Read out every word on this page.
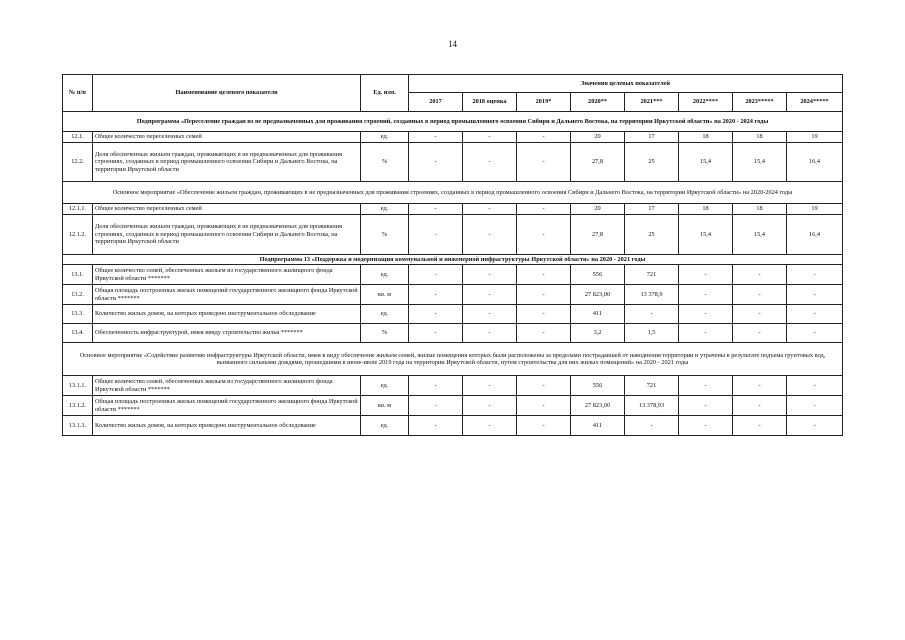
14
№ п/п	Наименование целевого показателя	Ед. изм.	Значения целевых показателей							
			2017	2018 оценка	2019*	2020**	2021***	2022****	2023*****	2024*****
Подпрограмма «Переселение граждан из не предназначенных для проживания строений, созданных в период промышленного освоения Сибири и Дальнего Востока, на территории Иркутской области» на 2020 - 2024 годы										
12.1.	Общее количество переселенных семей	ед.	-	-	-	20	17	18	18	19
12.2.	Доля обеспеченных жильем граждан, проживающих в не предназначенных для проживания строениях, созданных в период промышленного освоения Сибири и Дальнего Востока, на территории Иркутской области	%	-	-	-	27,8	25	15,4	15,4	16,4
Основное мероприятие «Обеспечение жильем граждан, проживающих в не предназначенных для проживания строениях, созданных в период промышленного освоения Сибири и Дальнего Востока, на территории Иркутской области» на 2020-2024 годы										
12.1.1.	Общее количество переселенных семей	ед.	-	-	-	20	17	18	18	19
12.1.2.	Доля обеспеченных жильем граждан, проживающих в не предназначенных для проживания строениях, созданных в период промышленного освоения Сибири и Дальнего Востока, на территории Иркутской области	%	-	-	-	27,8	25	15,4	15,4	16,4
Подпрограмма 13 «Поддержка и модернизация коммунальной и инженерной инфраструктуры Иркутской области» на 2020 - 2021 годы										
13.1.	Общее количество семей, обеспеченных жильем из государственного жилищного фонда Иркутской области *******	ед.	-	-	-	556	721	-	-	-
13.2.	Общая площадь построенных жилых помещений государственного жилищного фонда Иркутской области *******	кв. м	-	-	-	27 823,00	13 378,9	-	-	-
13.3.	Количество жилых домов, на которых проведено инструментальное обследование	ед.	-	-	-	411	-	-	-	-
13.4.	Обеспеченность инфраструктурой, имея ввиду строительство жилья *******	%	-	-	-	3,2	1,5	-	-	-
Основное мероприятие «Содействие развитию инфраструктуры Иркутской области, имея в виду обеспечение жильем семей, жилые помещения которых были расположены за пределами пострадавшей от наводнения территории и утрачены в результате подъема грунтовых вод, вызванного сильными дождями, прошедшими в июне-июле 2019 года на территории Иркутской области, путем строительства для них жилых помещений» на 2020 - 2021 годы										
13.1.1.	Общее количество семей, обеспеченных жильем из государственного жилищного фонда Иркутской области *******	ед.	-	-	-	556	721	-	-	-
13.1.2.	Общая площадь построенных жилых помещений государственного жилищного фонда Иркутской области *******	кв. м	-	-	-	27 823,00	13 378,93	-	-	-
13.1.3.	Количество жилых домов, на которых проведено инструментальное обследование	ед.	-	-	-	411	-	-	-	-
